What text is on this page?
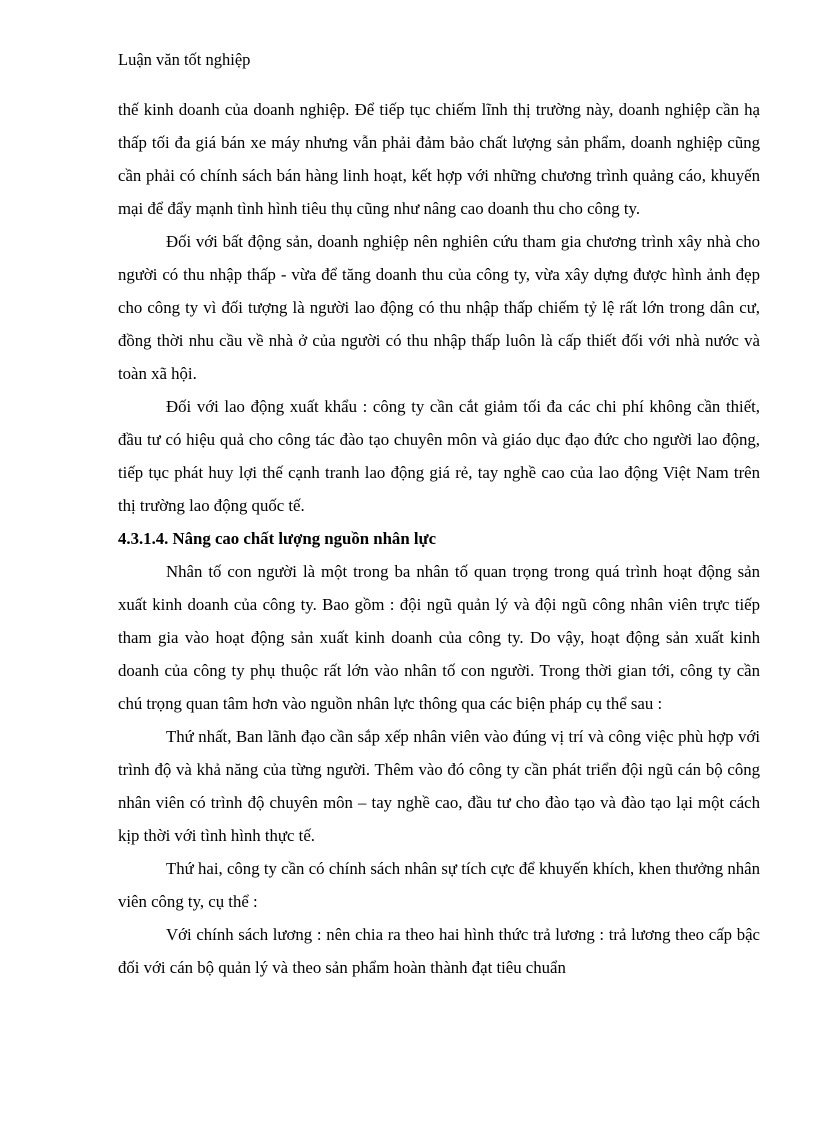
Luận văn tốt nghiệp

thế kinh doanh của doanh nghiệp. Để tiếp tục chiếm lĩnh thị trường này, doanh nghiệp cần hạ thấp tối đa giá bán xe máy nhưng vẫn phải đảm bảo chất lượng sản phẩm, doanh nghiệp cũng cần phải có chính sách bán hàng linh hoạt, kết hợp với những chương trình quảng cáo, khuyến mại để đẩy mạnh tình hình tiêu thụ cũng như nâng cao doanh thu cho công ty.

Đối với bất động sản, doanh nghiệp nên nghiên cứu tham gia chương trình xây nhà cho người có thu nhập thấp - vừa để tăng doanh thu của công ty, vừa xây dựng được hình ảnh đẹp cho công ty vì đối tượng là người lao động có thu nhập thấp chiếm tỷ lệ rất lớn trong dân cư, đồng thời nhu cầu về nhà ở của người có thu nhập thấp luôn là cấp thiết đối với nhà nước và toàn xã hội.

Đối với lao động xuất khẩu : công ty cần cắt giảm tối đa các chi phí không cần thiết, đầu tư có hiệu quả cho công tác đào tạo chuyên môn và giáo dục đạo đức cho người lao động, tiếp tục phát huy lợi thế cạnh tranh lao động giá rẻ, tay nghề cao của lao động Việt Nam trên thị trường lao động quốc tế.

4.3.1.4. Nâng cao chất lượng nguồn nhân lực

Nhân tố con người là một trong ba nhân tố quan trọng trong quá trình hoạt động sản xuất kinh doanh của công ty. Bao gồm : đội ngũ quản lý và đội ngũ công nhân viên trực tiếp tham gia vào hoạt động sản xuất kinh doanh của công ty. Do vậy, hoạt động sản xuất kinh doanh của công ty phụ thuộc rất lớn vào nhân tố con người. Trong thời gian tới, công ty cần chú trọng quan tâm hơn vào nguồn nhân lực thông qua các biện pháp cụ thể sau :

Thứ nhất, Ban lãnh đạo cần sắp xếp nhân viên vào đúng vị trí và công việc phù hợp với trình độ và khả năng của từng người. Thêm vào đó công ty cần phát triển đội ngũ cán bộ công nhân viên có trình độ chuyên môn – tay nghề cao, đầu tư cho đào tạo và đào tạo lại một cách kịp thời với tình hình thực tế.

Thứ hai, công ty cần có chính sách nhân sự tích cực để khuyến khích, khen thưởng nhân viên công ty, cụ thể :

Với chính sách lương : nên chia ra theo hai hình thức trả lương : trả lương theo cấp bậc đối với cán bộ quản lý và theo sản phẩm hoàn thành đạt tiêu chuẩn
